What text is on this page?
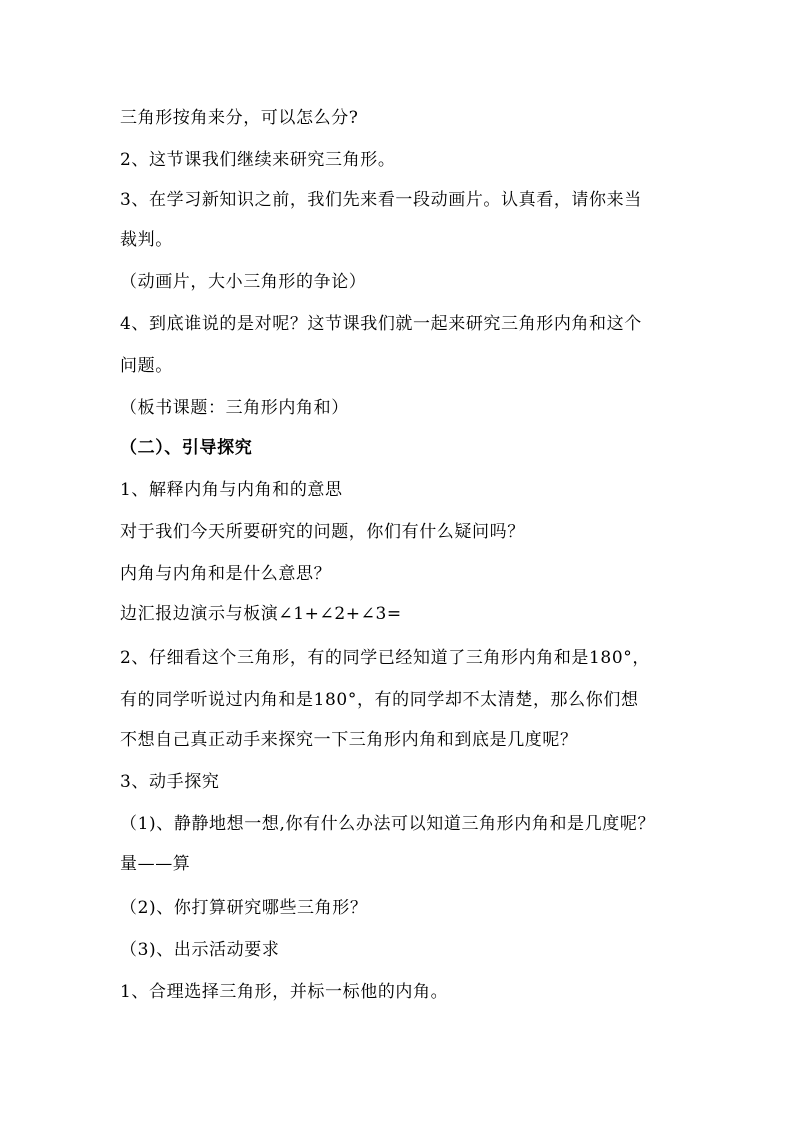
三角形按角来分，可以怎么分?
2、这节课我们继续来研究三角形。
3、在学习新知识之前，我们先来看一段动画片。认真看，请你来当
裁判。
（动画片，大小三角形的争论）
4、到底谁说的是对呢？这节课我们就一起来研究三角形内角和这个
问题。
（板书课题：三角形内角和）
（二）、引导探究
1、解释内角与内角和的意思
对于我们今天所要研究的问题，你们有什么疑问吗？
内角与内角和是什么意思？
边汇报边演示与板演∠1+∠2+∠3=
2、仔细看这个三角形，有的同学已经知道了三角形内角和是180°，
有的同学听说过内角和是180°，有的同学却不太清楚，那么你们想
不想自己真正动手来探究一下三角形内角和到底是几度呢？
3、动手探究
（1)、静静地想一想,你有什么办法可以知道三角形内角和是几度呢？
量——算
（2)、你打算研究哪些三角形？
（3)、出示活动要求
1、合理选择三角形，并标一标他的内角。
